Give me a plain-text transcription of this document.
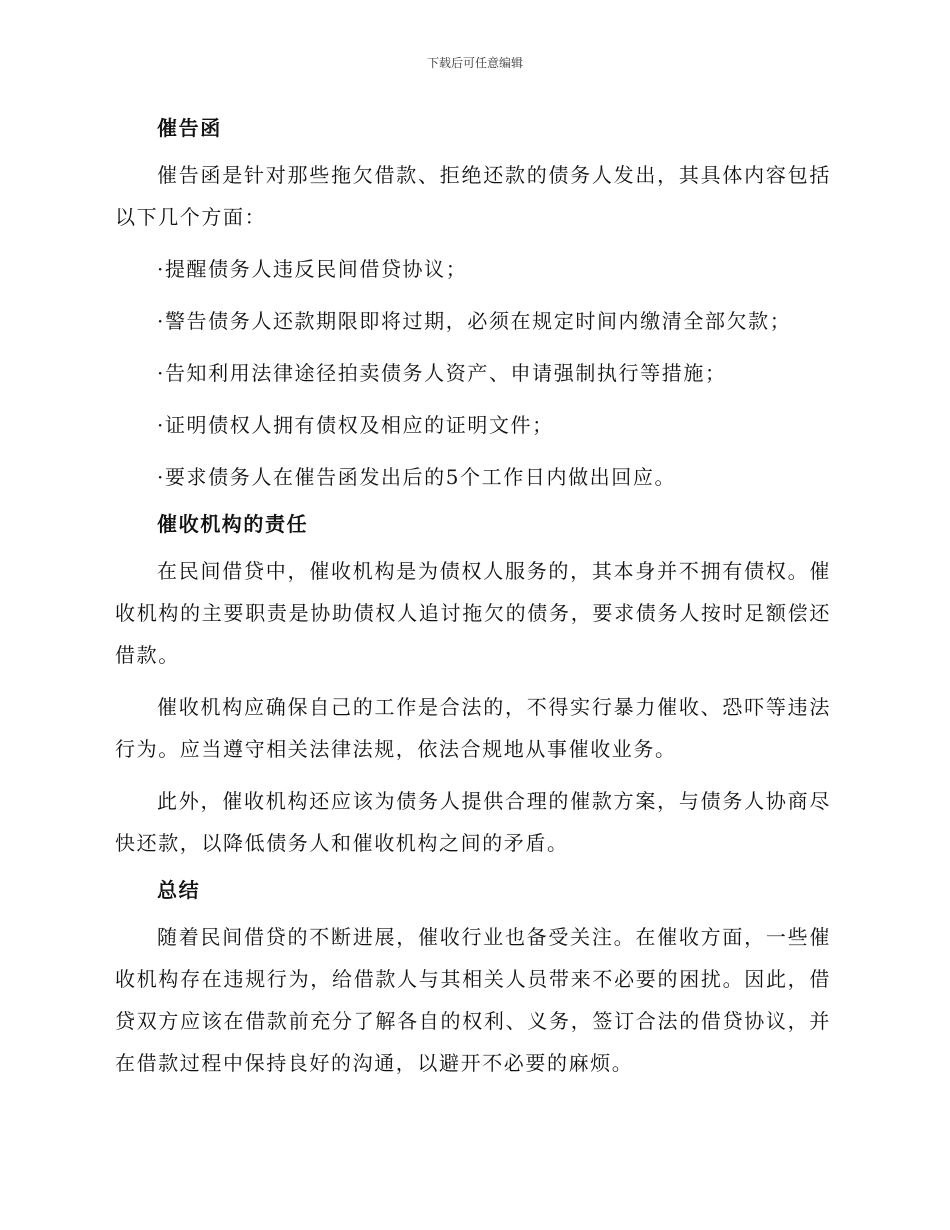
下载后可任意编辑
催告函

催告函是针对那些拖欠借款、拒绝还款的债务人发出，其具体内容包括以下几个方面：

·提醒债务人违反民间借贷协议；
·警告债务人还款期限即将过期，必须在规定时间内缴清全部欠款；
·告知利用法律途径拍卖债务人资产、申请强制执行等措施；
·证明债权人拥有债权及相应的证明文件；
·要求债务人在催告函发出后的5个工作日内做出回应。
催收机构的责任

在民间借贷中，催收机构是为债权人服务的，其本身并不拥有债权。催收机构的主要职责是协助债权人追讨拖欠的债务，要求债务人按时足额偿还借款。

催收机构应确保自己的工作是合法的，不得实行暴力催收、恐吓等违法行为。应当遵守相关法律法规，依法合规地从事催收业务。

此外，催收机构还应该为债务人提供合理的催款方案，与债务人协商尽快还款，以降低债务人和催收机构之间的矛盾。

总结

随着民间借贷的不断进展，催收行业也备受关注。在催收方面，一些催收机构存在违规行为，给借款人与其相关人员带来不必要的困扰。因此，借贷双方应该在借款前充分了解各自的权利、义务，签订合法的借贷协议，并在借款过程中保持良好的沟通，以避开不必要的麻烦。
